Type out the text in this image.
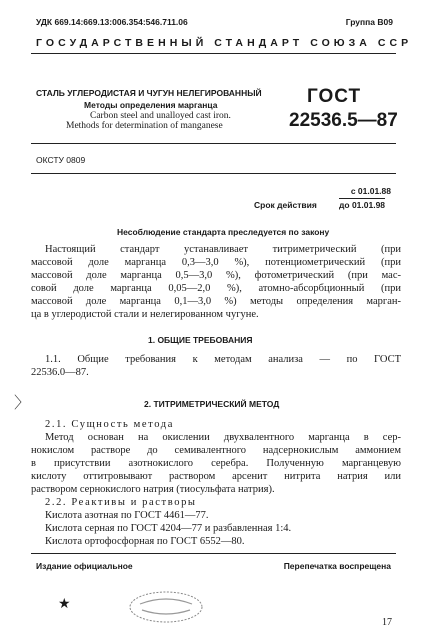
УДК 669.14:669.13:006.354:546.711.06	Группа В09
ГОСУДАРСТВЕННЫЙ СТАНДАРТ СОЮЗА ССР
СТАЛЬ УГЛЕРОДИСТАЯ И ЧУГУН НЕЛЕГИРОВАННЫЙ
Методы определения марганца
Carbon steel and unalloyed cast iron.
Methods for determination of manganese
ГОСТ
22536.5—87
ОКСТУ 0809
с 01.01.88
Срок действия	до 01.01.98
Несоблюдение стандарта преследуется по закону
Настоящий стандарт устанавливает титриметрический (при
массовой доле марганца 0,3—3,0 %), потенциометрический (при
массовой доле марганца 0,5—3,0 %), фотометрический (при мас-
совой доле марганца 0,05—2,0 %), атомно-абсорбционный (при
массовой доле марганца 0,1—3,0 %) методы определения марган-
ца в углеродистой стали и нелегированном чугуне.
1. ОБЩИЕ ТРЕБОВАНИЯ
1.1. Общие требования к методам анализа — по ГОСТ
22536.0—87.
2. ТИТРИМЕТРИЧЕСКИЙ МЕТОД
2.1. Сущность метода
Метод основан на окислении двухвалентного марганца в сер-
нокислом растворе до семивалентного надсернокислым аммонием
в присутствии азотнокислого серебра. Полученную марганцевую
кислоту оттитровывают раствором арсенит нитрита натрия или
раствором сернокислого натрия (тиосульфата натрия).
2.2. Реактивы и растворы
Кислота азотная по ГОСТ 4461—77.
Кислота серная по ГОСТ 4204—77 и разбавленная 1:4.
Кислота ортофосфорная по ГОСТ 6552—80.
Издание официальное	Перепечатка воспрещена
★
17
〉
